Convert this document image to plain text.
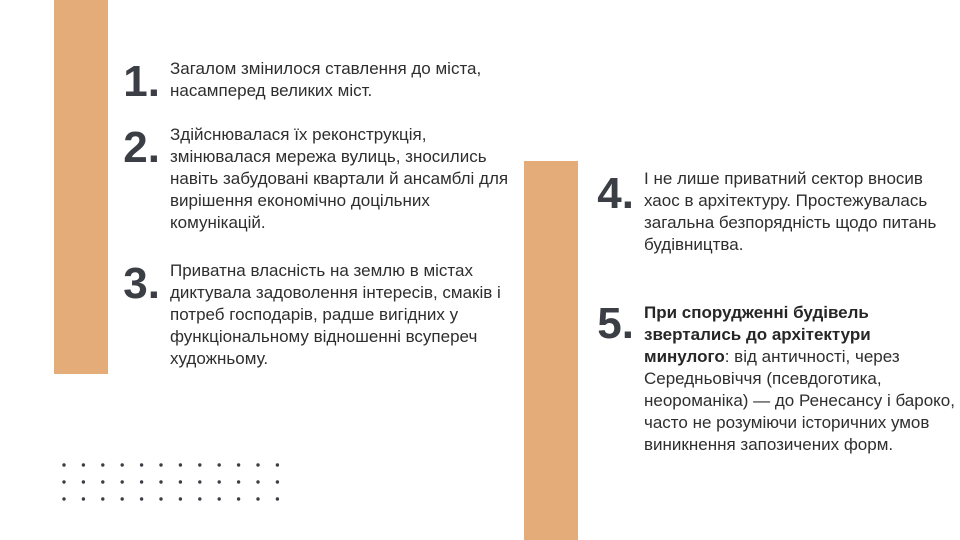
1. Загалом змінилося ставлення до міста, насамперед великих міст.
2. Здійснювалася їх реконструкція, змінювалася мережа вулиць, зносились навіть забудовані квартали й ансамблі для вирішення економічно доцільних комунікацій.
3. Приватна власність на землю в містах диктувала задоволення інтересів, смаків і потреб господарів, радше вигідних у функціональному відношенні всупереч художньому.
4. І не лише приватний сектор вносив хаос в архітектуру. Простежувалась загальна безпорядність щодо питань будівництва.
5. При спорудженні будівель звертались до архітектури минулого: від античності, через Середньовіччя (псевдоготика, неороманіка) — до Ренесансу і бароко, часто не розуміючи історичних умов виникнення запозичених форм.
